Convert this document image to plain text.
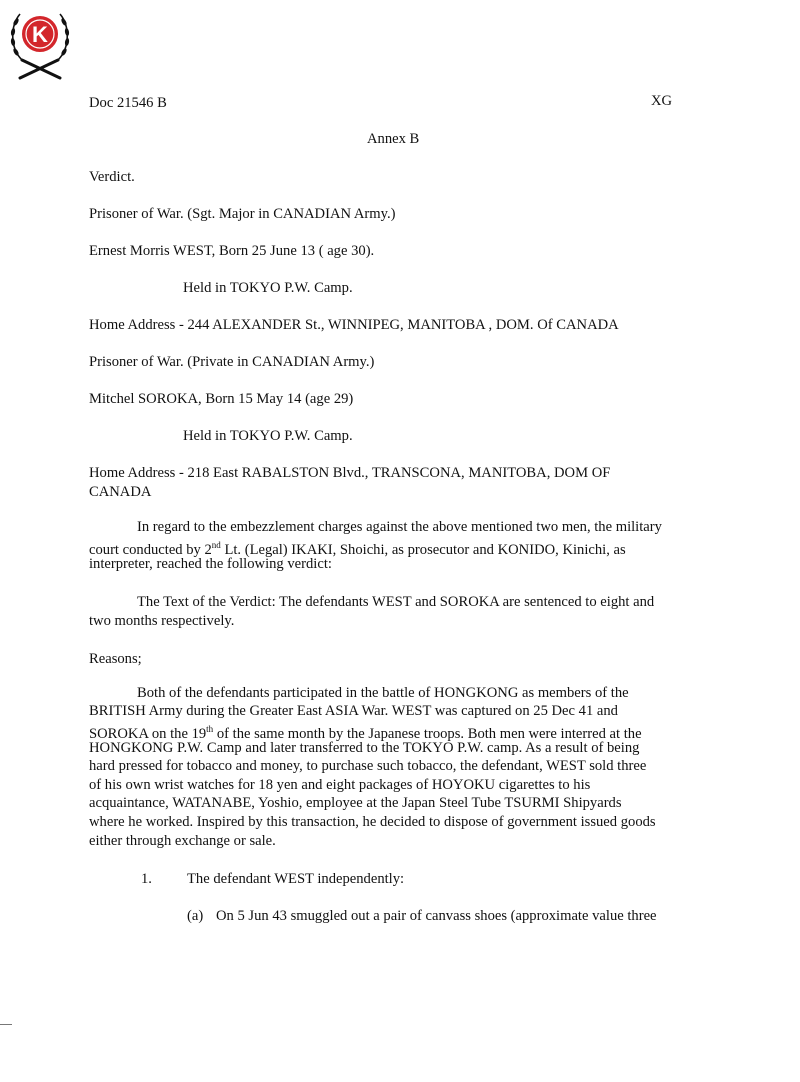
K
Doc 21546 B	XG
Annex B
Verdict.
Prisoner of War. (Sgt. Major in CANADIAN Army.)
Ernest Morris WEST, Born 25 June 13 ( age 30).
Held in TOKYO P.W. Camp.
Home Address - 244 ALEXANDER St., WINNIPEG, MANITOBA , DOM. Of CANADA
Prisoner of War. (Private in CANADIAN Army.)
Mitchel SOROKA, Born 15 May 14 (age 29)
Held in TOKYO P.W. Camp.
Home Address - 218 East RABALSTON Blvd., TRANSCONA, MANITOBA, DOM OF
CANADA
In regard to the embezzlement charges against the above mentioned two men, the military
court conducted by 2nd Lt. (Legal) IKAKI, Shoichi, as prosecutor and KONIDO, Kinichi, as
interpreter, reached the following verdict:
The Text of the Verdict: The defendants WEST and SOROKA are sentenced to eight and
two months respectively.
Reasons;
Both of the defendants participated in the battle of HONGKONG as members of the
BRITISH Army during the Greater East ASIA War. WEST was captured on 25 Dec 41 and
SOROKA on the 19th of the same month by the Japanese troops. Both men were interred at the
HONGKONG P.W. Camp and later transferred to the TOKYO P.W. camp. As a result of being
hard pressed for tobacco and money, to purchase such tobacco, the defendant, WEST sold three
of his own wrist watches for 18 yen and eight packages of HOYOKU cigarettes to his
acquaintance, WATANABE, Yoshio, employee at the Japan Steel Tube TSURMI Shipyards
where he worked. Inspired by this transaction, he decided to dispose of government issued goods
either through exchange or sale.
1. The defendant WEST independently:
(a) On 5 Jun 43 smuggled out a pair of canvass shoes (approximate value three
